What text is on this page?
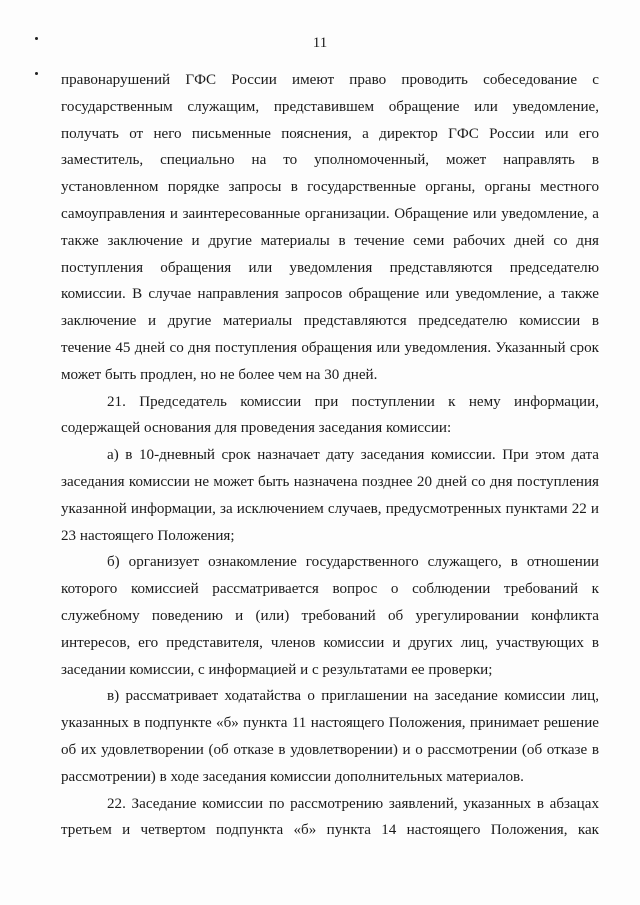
11
правонарушений ГФС России имеют право проводить собеседование с
государственным служащим, представившем обращение или уведомление,
получать от него письменные пояснения, а директор ГФС России или его
заместитель, специально на то уполномоченный, может направлять в
установленном порядке запросы в государственные органы, органы местного
самоуправления и заинтересованные организации. Обращение или уведомление, а
также заключение и другие материалы в течение семи рабочих дней со дня
поступления обращения или уведомления представляются председателю
комиссии. В случае направления запросов обращение или уведомление, а также
заключение и другие материалы представляются председателю комиссии в
течение 45 дней со дня поступления обращения или уведомления. Указанный срок
может быть продлен, но не более чем на 30 дней.
21. Председатель комиссии при поступлении к нему информации,
содержащей основания для проведения заседания комиссии:
а) в 10-дневный срок назначает дату заседания комиссии. При этом дата
заседания комиссии не может быть назначена позднее 20 дней со дня поступления
указанной информации, за исключением случаев, предусмотренных пунктами 22 и
23 настоящего Положения;
б) организует ознакомление государственного служащего, в отношении
которого комиссией рассматривается вопрос о соблюдении требований к
служебному поведению и (или) требований об урегулировании конфликта
интересов, его представителя, членов комиссии и других лиц, участвующих в
заседании комиссии, с информацией и с результатами ее проверки;
в) рассматривает ходатайства о приглашении на заседание комиссии лиц,
указанных в подпункте «б» пункта 11 настоящего Положения, принимает решение
об их удовлетворении (об отказе в удовлетворении) и о рассмотрении (об отказе в
рассмотрении) в ходе заседания комиссии дополнительных материалов.
22. Заседание комиссии по рассмотрению заявлений, указанных в абзацах
третьем и четвертом подпункта «б» пункта 14 настоящего Положения, как
